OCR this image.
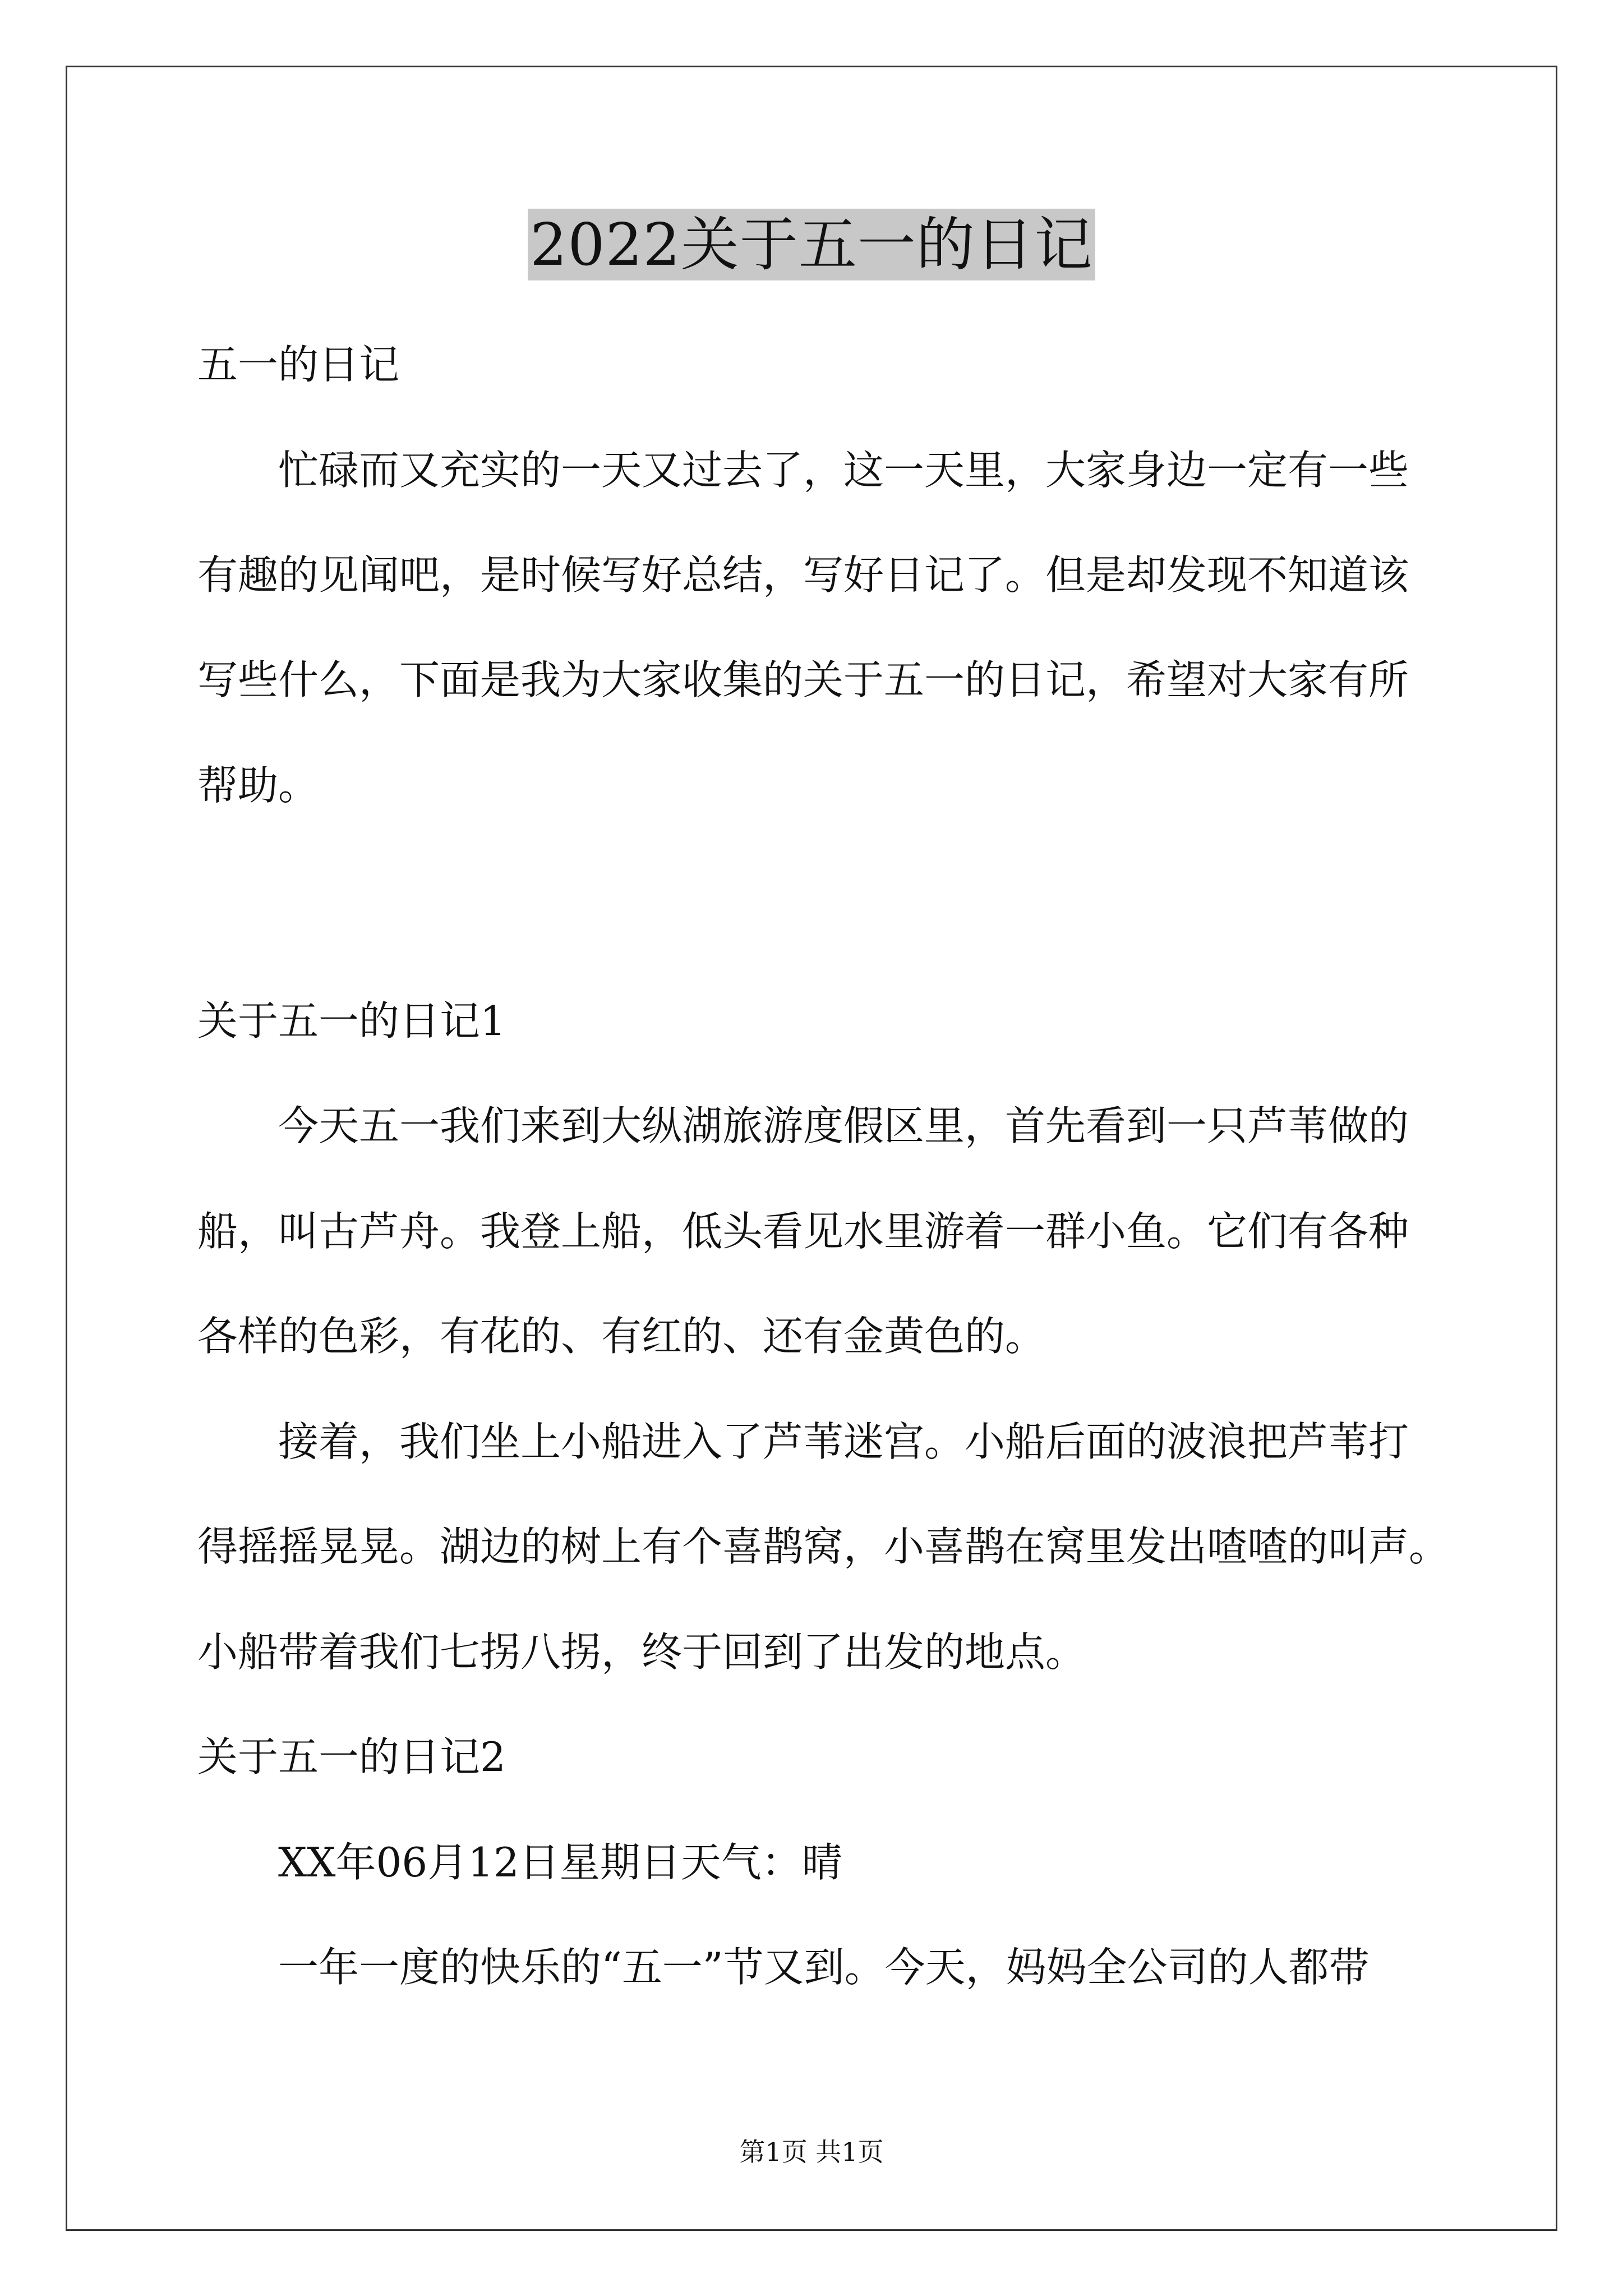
2022关于五一的日记

五一的日记

忙碌而又充实的一天又过去了，这一天里，大家身边一定有一些

有趣的见闻吧，是时候写好总结，写好日记了。但是却发现不知道该

写些什么，下面是我为大家收集的关于五一的日记，希望对大家有所

帮助。

关于五一的日记1

今天五一我们来到大纵湖旅游度假区里，首先看到一只芦苇做的

船，叫古芦舟。我登上船，低头看见水里游着一群小鱼。它们有各种

各样的色彩，有花的、有红的、还有金黄色的。

接着，我们坐上小船进入了芦苇迷宫。小船后面的波浪把芦苇打

得摇摇晃晃。湖边的树上有个喜鹊窝，小喜鹊在窝里发出喳喳的叫声。

小船带着我们七拐八拐，终于回到了出发的地点。

关于五一的日记2

XX年06月12日星期日天气：晴

一年一度的快乐的“五一”节又到。今天，妈妈全公司的人都带

第1页 共1页
